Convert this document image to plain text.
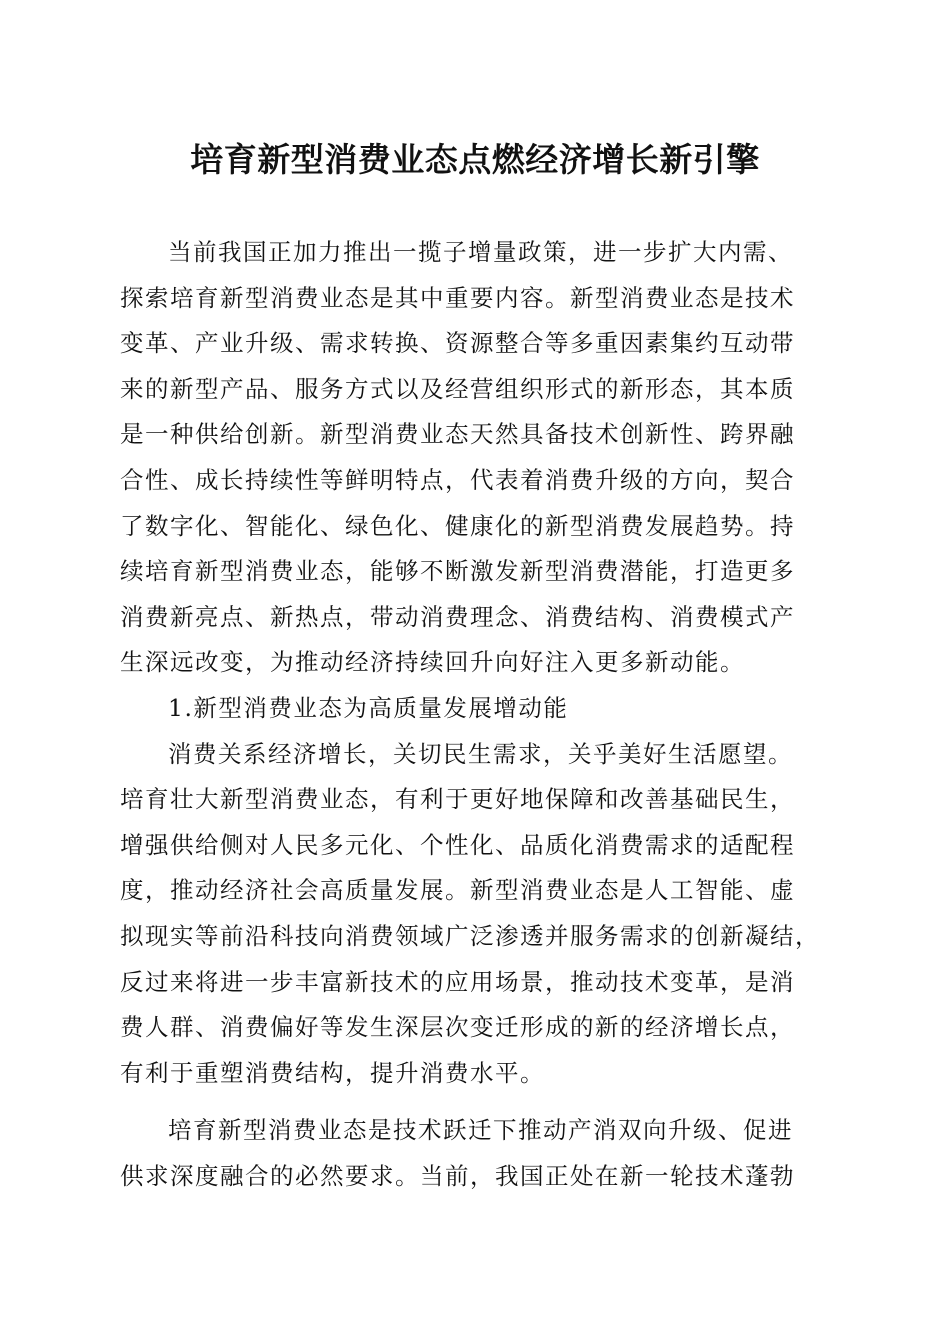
培育新型消费业态点燃经济增长新引擎
当前我国正加力推出一揽子增量政策，进一步扩大内需、
探索培育新型消费业态是其中重要内容。新型消费业态是技术
变革、产业升级、需求转换、资源整合等多重因素集约互动带
来的新型产品、服务方式以及经营组织形式的新形态，其本质
是一种供给创新。新型消费业态天然具备技术创新性、跨界融
合性、成长持续性等鲜明特点，代表着消费升级的方向，契合
了数字化、智能化、绿色化、健康化的新型消费发展趋势。持
续培育新型消费业态，能够不断激发新型消费潜能，打造更多
消费新亮点、新热点，带动消费理念、消费结构、消费模式产
生深远改变，为推动经济持续回升向好注入更多新动能。
1.新型消费业态为高质量发展增动能
消费关系经济增长，关切民生需求，关乎美好生活愿望。
培育壮大新型消费业态，有利于更好地保障和改善基础民生，
增强供给侧对人民多元化、个性化、品质化消费需求的适配程
度，推动经济社会高质量发展。新型消费业态是人工智能、虚
拟现实等前沿科技向消费领域广泛渗透并服务需求的创新凝结，
反过来将进一步丰富新技术的应用场景，推动技术变革，是消
费人群、消费偏好等发生深层次变迁形成的新的经济增长点，
有利于重塑消费结构，提升消费水平。
培育新型消费业态是技术跃迁下推动产消双向升级、促进
供求深度融合的必然要求。当前，我国正处在新一轮技术蓬勃
